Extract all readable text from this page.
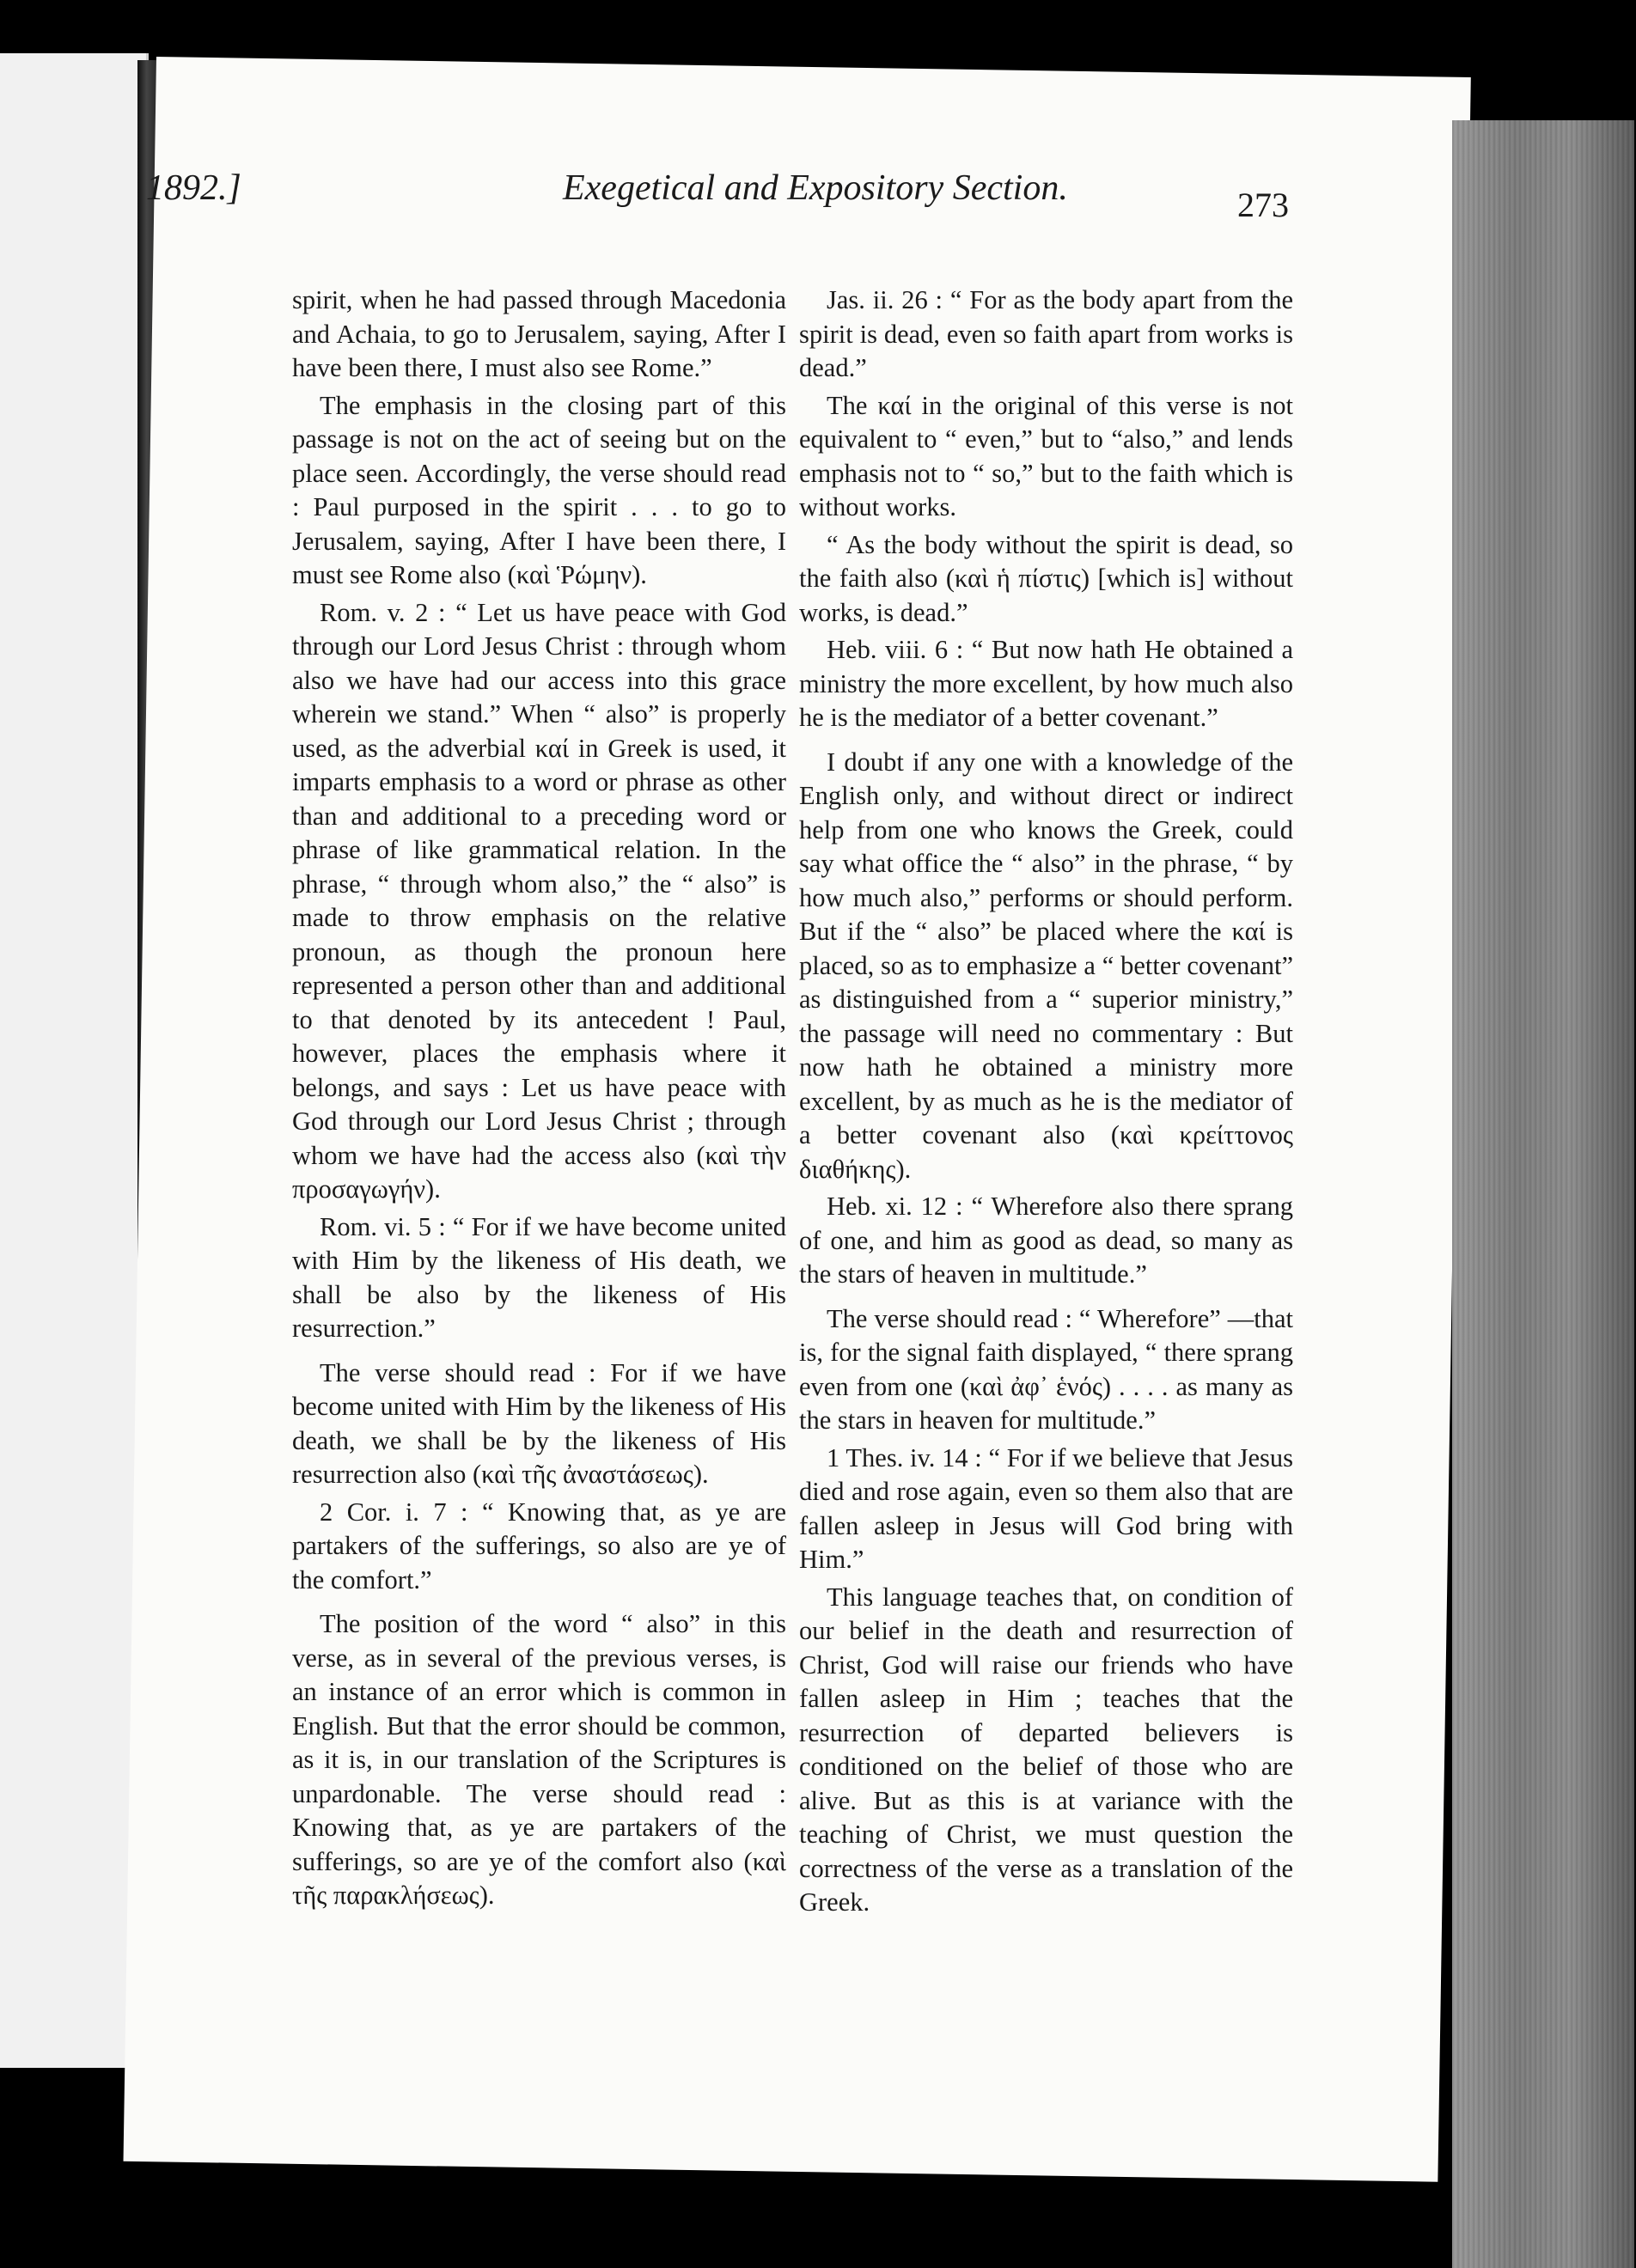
1892.]	Exegetical and Expository Section.	273

spirit, when he had passed through Macedonia and Achaia, to go to Jerusalem, saying, After I have been there, I must also see Rome.”

The emphasis in the closing part of this passage is not on the act of seeing but on the place seen. Accordingly, the verse should read : Paul purposed in the spirit . . . to go to Jerusalem, saying, After I have been there, I must see Rome also (καὶ Ῥώμην).

Rom. v. 2 : “ Let us have peace with God through our Lord Jesus Christ : through whom also we have had our access into this grace wherein we stand.” When “ also” is properly used, as the adverbial καί in Greek is used, it imparts emphasis to a word or phrase as other than and additional to a preceding word or phrase of like grammatical relation. In the phrase, “ through whom also,” the “ also” is made to throw emphasis on the relative pronoun, as though the pronoun here represented a person other than and additional to that denoted by its antecedent ! Paul, however, places the emphasis where it belongs, and says : Let us have peace with God through our Lord Jesus Christ ; through whom we have had the access also (καὶ τὴν προσαγωγήν).

Rom. vi. 5 : “ For if we have become united with Him by the likeness of His death, we shall be also by the likeness of His resurrection.”

The verse should read : For if we have become united with Him by the likeness of His death, we shall be by the likeness of His resurrection also (καὶ τῆς ἀναστάσεως).

2 Cor. i. 7 : “ Knowing that, as ye are partakers of the sufferings, so also are ye of the comfort.”

The position of the word “ also” in this verse, as in several of the previous verses, is an instance of an error which is common in English. But that the error should be common, as it is, in our translation of the Scriptures is unpardonable. The verse should read : Knowing that, as ye are partakers of the sufferings, so are ye of the comfort also (καὶ τῆς παρακλήσεως).

Jas. ii. 26 : “ For as the body apart from the spirit is dead, even so faith apart from works is dead.”

The καί in the original of this verse is not equivalent to “ even,” but to “also,” and lends emphasis not to “ so,” but to the faith which is without works.

“ As the body without the spirit is dead, so the faith also (καὶ ἡ πίστις) [which is] without works, is dead.”

Heb. viii. 6 : “ But now hath He obtained a ministry the more excellent, by how much also he is the mediator of a better covenant.”

I doubt if any one with a knowledge of the English only, and without direct or indirect help from one who knows the Greek, could say what office the “ also” in the phrase, “ by how much also,” performs or should perform. But if the “ also” be placed where the καί is placed, so as to emphasize a “ better covenant” as distinguished from a “ superior ministry,” the passage will need no commentary : But now hath he obtained a ministry more excellent, by as much as he is the mediator of a better covenant also (καὶ κρείττονος διαθήκης).

Heb. xi. 12 : “ Wherefore also there sprang of one, and him as good as dead, so many as the stars of heaven in multitude.”

The verse should read : “ Wherefore” —that is, for the signal faith displayed, “ there sprang even from one (καὶ ἀφ᾽ ἑνός) . . . . as many as the stars in heaven for multitude.”

1 Thes. iv. 14 : “ For if we believe that Jesus died and rose again, even so them also that are fallen asleep in Jesus will God bring with Him.”

This language teaches that, on condition of our belief in the death and resurrection of Christ, God will raise our friends who have fallen asleep in Him ; teaches that the resurrection of departed believers is conditioned on the belief of those who are alive. But as this is at variance with the teaching of Christ, we must question the correctness of the verse as a translation of the Greek.
